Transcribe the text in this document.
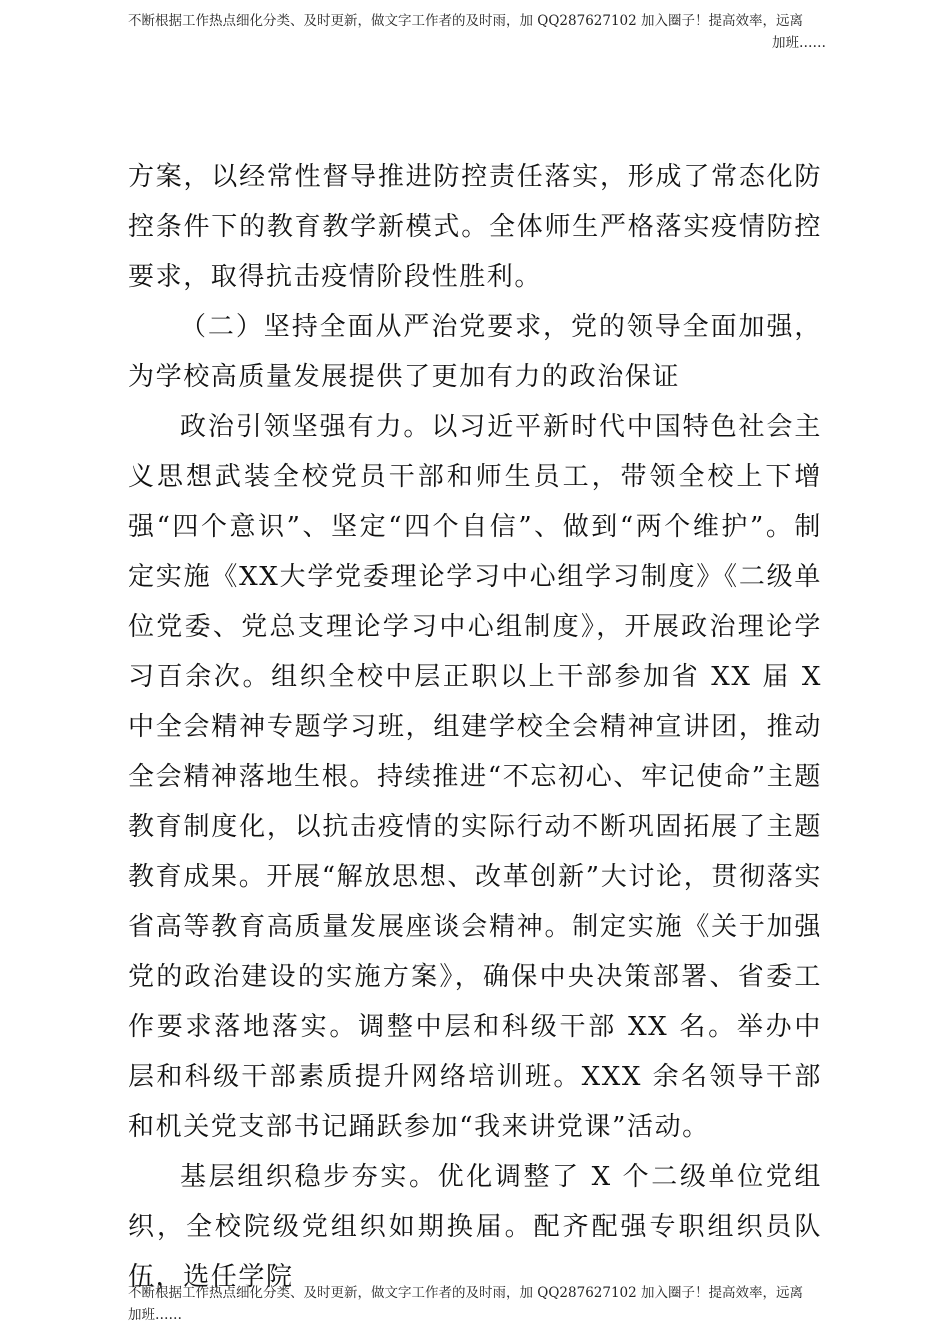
不断根据工作热点细化分类、及时更新，做文字工作者的及时雨，加 QQ287627102 加入圈子！提高效率，远离
加班……

方案，以经常性督导推进防控责任落实，形成了常态化防控条件下的教育教学新模式。全体师生严格落实疫情防控要求，取得抗击疫情阶段性胜利。

（二）坚持全面从严治党要求，党的领导全面加强，为学校高质量发展提供了更加有力的政治保证

政治引领坚强有力。以习近平新时代中国特色社会主义思想武装全校党员干部和师生员工，带领全校上下增强“四个意识”、坚定“四个自信”、做到“两个维护”。制定实施《XX大学党委理论学习中心组学习制度》《二级单位党委、党总支理论学习中心组制度》，开展政治理论学习百余次。组织全校中层正职以上干部参加省 XX 届 X 中全会精神专题学习班，组建学校全会精神宣讲团，推动全会精神落地生根。持续推进“不忘初心、牢记使命”主题教育制度化，以抗击疫情的实际行动不断巩固拓展了主题教育成果。开展“解放思想、改革创新”大讨论，贯彻落实省高等教育高质量发展座谈会精神。制定实施《关于加强党的政治建设的实施方案》，确保中央决策部署、省委工作要求落地落实。调整中层和科级干部 XX 名。举办中层和科级干部素质提升网络培训班。XXX 余名领导干部和机关党支部书记踊跃参加“我来讲党课”活动。

基层组织稳步夯实。优化调整了 X 个二级单位党组织，全校院级党组织如期换届。配齐配强专职组织员队伍，选任学院

不断根据工作热点细化分类、及时更新，做文字工作者的及时雨，加 QQ287627102 加入圈子！提高效率，远离
加班……
